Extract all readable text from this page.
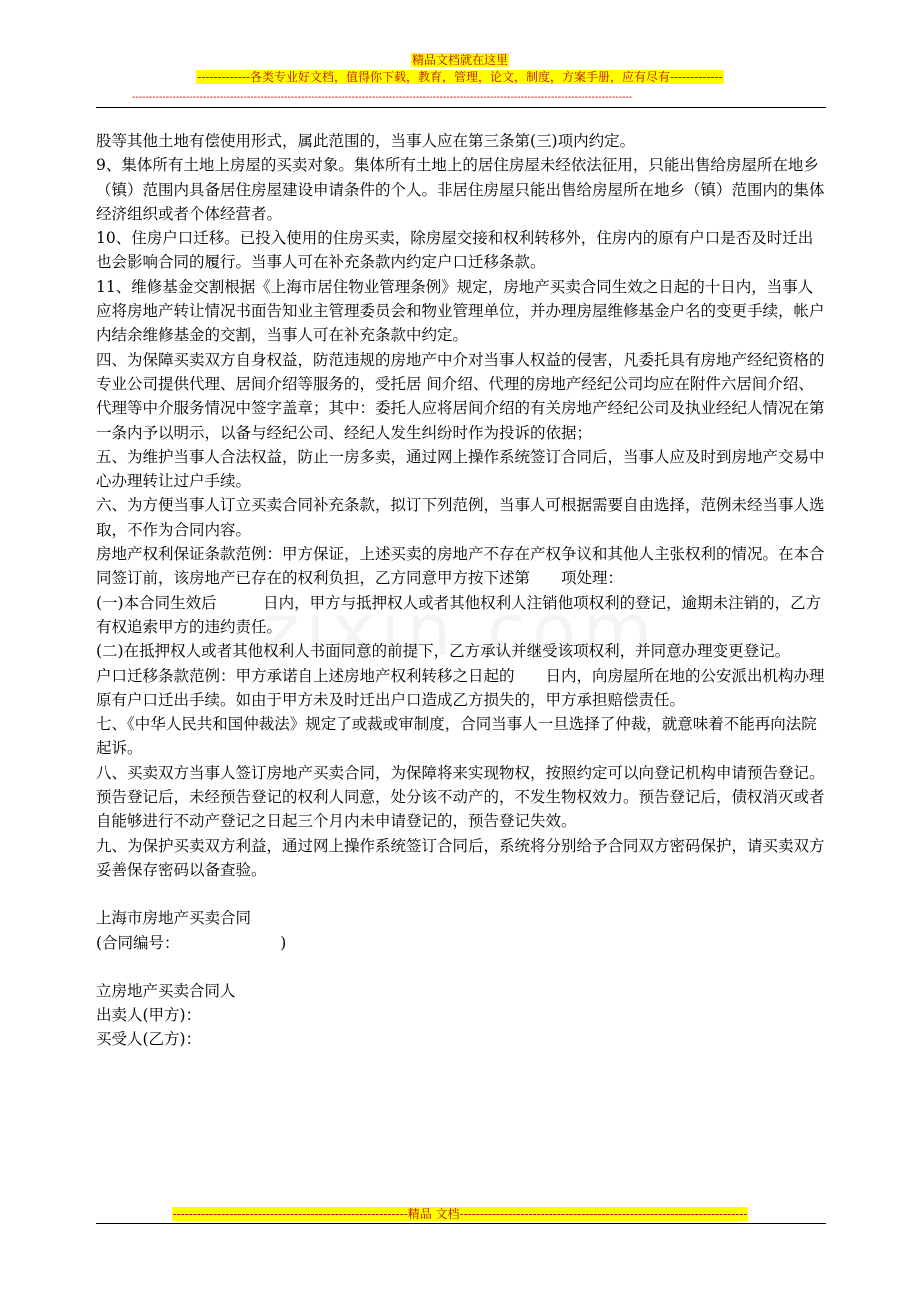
精品文档就在这里
-------------各类专业好文档，值得你下载，教育，管理，论文，制度，方案手册，应有尽有-------------
----------------------------------------------------------------------------------------------------------------------------------------------------

股等其他土地有偿使用形式，属此范围的，当事人应在第三条第(三)项内约定。

9、集体所有土地上房屋的买卖对象。集体所有土地上的居住房屋未经依法征用，只能出售给房屋所在地乡（镇）范围内具备居住房屋建设申请条件的个人。非居住房屋只能出售给房屋所在地乡（镇）范围内的集体经济组织或者个体经营者。

10、住房户口迁移。已投入使用的住房买卖，除房屋交接和权利转移外，住房内的原有户口是否及时迁出也会影响合同的履行。当事人可在补充条款内约定户口迁移条款。

11、维修基金交割根据《上海市居住物业管理条例》规定，房地产买卖合同生效之日起的十日内，当事人应将房地产转让情况书面告知业主管理委员会和物业管理单位，并办理房屋维修基金户名的变更手续，帐户内结余维修基金的交割，当事人可在补充条款中约定。

四、为保障买卖双方自身权益，防范违规的房地产中介对当事人权益的侵害，凡委托具有房地产经纪资格的专业公司提供代理、居间介绍等服务的，受托居 间介绍、代理的房地产经纪公司均应在附件六居间介绍、代理等中介服务情况中签字盖章；其中：委托人应将居间介绍的有关房地产经纪公司及执业经纪人情况在第一条内予以明示，以备与经纪公司、经纪人发生纠纷时作为投诉的依据；

五、为维护当事人合法权益，防止一房多卖，通过网上操作系统签订合同后，当事人应及时到房地产交易中心办理转让过户手续。

六、为方便当事人订立买卖合同补充条款，拟订下列范例，当事人可根据需要自由选择，范例未经当事人选取，不作为合同内容。

房地产权利保证条款范例：甲方保证，上述买卖的房地产不存在产权争议和其他人主张权利的情况。在本合同签订前，该房地产已存在的权利负担，乙方同意甲方按下述第　　项处理：

(一)本合同生效后　　　日内，甲方与抵押权人或者其他权利人注销他项权利的登记，逾期未注销的，乙方有权追索甲方的违约责任。

(二)在抵押权人或者其他权利人书面同意的前提下，乙方承认并继受该项权利，并同意办理变更登记。

户口迁移条款范例：甲方承诺自上述房地产权利转移之日起的　　日内，向房屋所在地的公安派出机构办理原有户口迁出手续。如由于甲方未及时迁出户口造成乙方损失的，甲方承担赔偿责任。

七、《中华人民共和国仲裁法》规定了或裁或审制度，合同当事人一旦选择了仲裁，就意味着不能再向法院起诉。

八、买卖双方当事人签订房地产买卖合同，为保障将来实现物权，按照约定可以向登记机构申请预告登记。预告登记后，未经预告登记的权利人同意，处分该不动产的，不发生物权效力。预告登记后，债权消灭或者自能够进行不动产登记之日起三个月内未申请登记的，预告登记失效。

九、为保护买卖双方利益，通过网上操作系统签订合同后，系统将分别给予合同双方密码保护，请买卖双方妥善保存密码以备查验。

上海市房地产买卖合同

(合同编号：　　　　　　　)

立房地产买卖合同人

出卖人(甲方)：

买受人(乙方)：

----------------------------------------------------------精品 文档-----------------------------------------------------------------------
